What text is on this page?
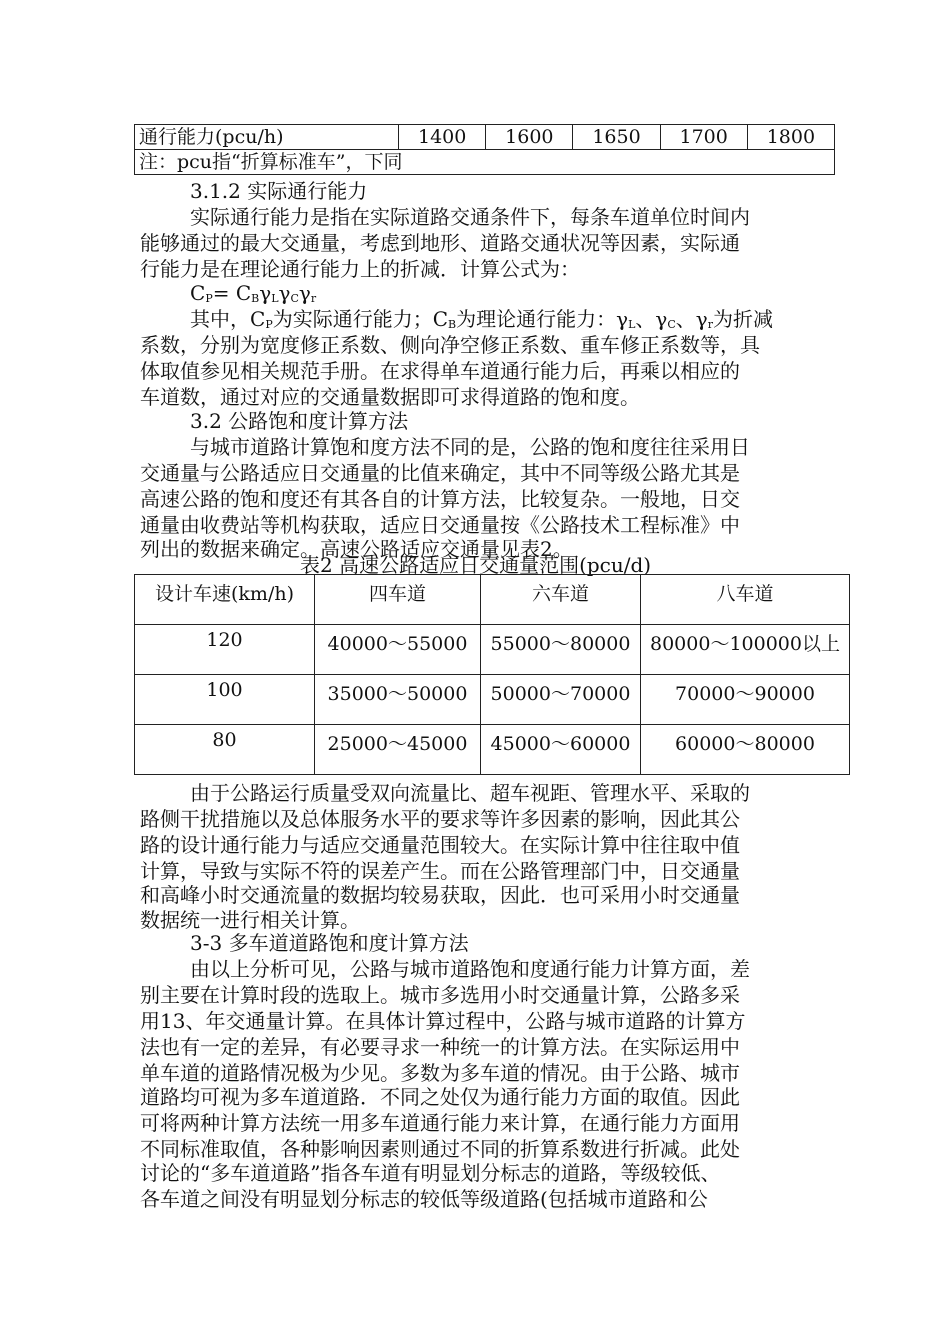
通行能力(pcu/h)	1400	1600	1650	1700	1800
注：pcu指“折算标准车”，下同
3.1.2 实际通行能力
实际通行能力是指在实际道路交通条件下，每条车道单位时间内
能够通过的最大交通量，考虑到地形、道路交通状况等因素，实际通
行能力是在理论通行能力上的折减．计算公式为：
$C_P= C_B\gamma_L\gamma_C\gamma_r$
其中，$C_P$为实际通行能力；$C_B$为理论通行能力：$\gamma_L$、$\gamma_C$、$\gamma_r$为折减
系数，分别为宽度修正系数、侧向净空修正系数、重车修正系数等，具
体取值参见相关规范手册。在求得单车道通行能力后，再乘以相应的
车道数，通过对应的交通量数据即可求得道路的饱和度。
3.2 公路饱和度计算方法
与城市道路计算饱和度方法不同的是，公路的饱和度往往采用日
交通量与公路适应日交通量的比值来确定，其中不同等级公路尤其是
高速公路的饱和度还有其各自的计算方法，比较复杂。一般地，日交
通量由收费站等机构获取，适应日交通量按《公路技术工程标准》中
列出的数据来确定。高速公路适应交通量见表2。
表2 高速公路适应日交通量范围(pcu/d)
设计车速(km/h)	四车道	六车道	八车道
120	40000～55000	55000～80000	80000～100000以上
100	35000～50000	50000～70000	70000～90000
80	25000～45000	45000～60000	60000～80000
由于公路运行质量受双向流量比、超车视距、管理水平、采取的
路侧干扰措施以及总体服务水平的要求等许多因素的影响，因此其公
路的设计通行能力与适应交通量范围较大。在实际计算中往往取中值
计算，导致与实际不符的误差产生。而在公路管理部门中，日交通量
和高峰小时交通流量的数据均较易获取，因此．也可采用小时交通量
数据统一进行相关计算。
3-3 多车道道路饱和度计算方法
由以上分析可见，公路与城市道路饱和度通行能力计算方面，差
别主要在计算时段的选取上。城市多选用小时交通量计算，公路多采
用13、年交通量计算。在具体计算过程中，公路与城市道路的计算方
法也有一定的差异，有必要寻求一种统一的计算方法。在实际运用中
单车道的道路情况极为少见。多数为多车道的情况。由于公路、城市
道路均可视为多车道道路．不同之处仅为通行能力方面的取值。因此
可将两种计算方法统一用多车道通行能力来计算，在通行能力方面用
不同标准取值，各种影响因素则通过不同的折算系数进行折减。此处
讨论的“多车道道路”指各车道有明显划分标志的道路，等级较低、
各车道之间没有明显划分标志的较低等级道路(包括城市道路和公
